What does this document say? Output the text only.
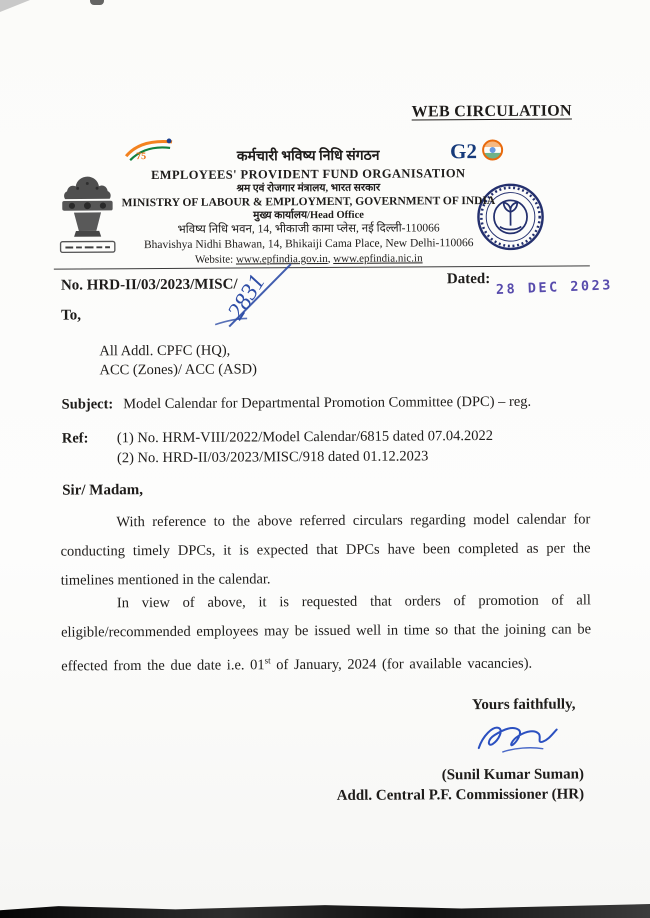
WEB CIRCULATION
75	G2
कर्मचारी भविष्य निधि संगठन
EMPLOYEES' PROVIDENT FUND ORGANISATION
श्रम एवं रोजगार मंत्रालय, भारत सरकार
MINISTRY OF LABOUR & EMPLOYMENT, GOVERNMENT OF INDIA
मुख्य कार्यालय/Head Office
भविष्य निधि भवन, 14, भीकाजी कामा प्लेस, नई दिल्ली-110066
Bhavishya Nidhi Bhawan, 14, Bhikaiji Cama Place, New Delhi-110066
Website: www.epfindia.gov.in, www.epfindia.nic.in
No. HRD-II/03/2023/MISC/
2831	Dated: 28 DEC 2023
To,
All Addl. CPFC (HQ),
ACC (Zones)/ ACC (ASD)
Subject: Model Calendar for Departmental Promotion Committee (DPC) – reg.
Ref: (1) No. HRM-VIII/2022/Model Calendar/6815 dated 07.04.2022
(2) No. HRD-II/03/2023/MISC/918 dated 01.12.2023
Sir/ Madam,

With reference to the above referred circulars regarding model calendar for conducting timely DPCs, it is expected that DPCs have been completed as per the timelines mentioned in the calendar.

In view of above, it is requested that orders of promotion of all eligible/recommended employees may be issued well in time so that the joining can be effected from the due date i.e. 01st of January, 2024 (for available vacancies).

Yours faithfully,
(Sunil Kumar Suman)
Addl. Central P.F. Commissioner (HR)
